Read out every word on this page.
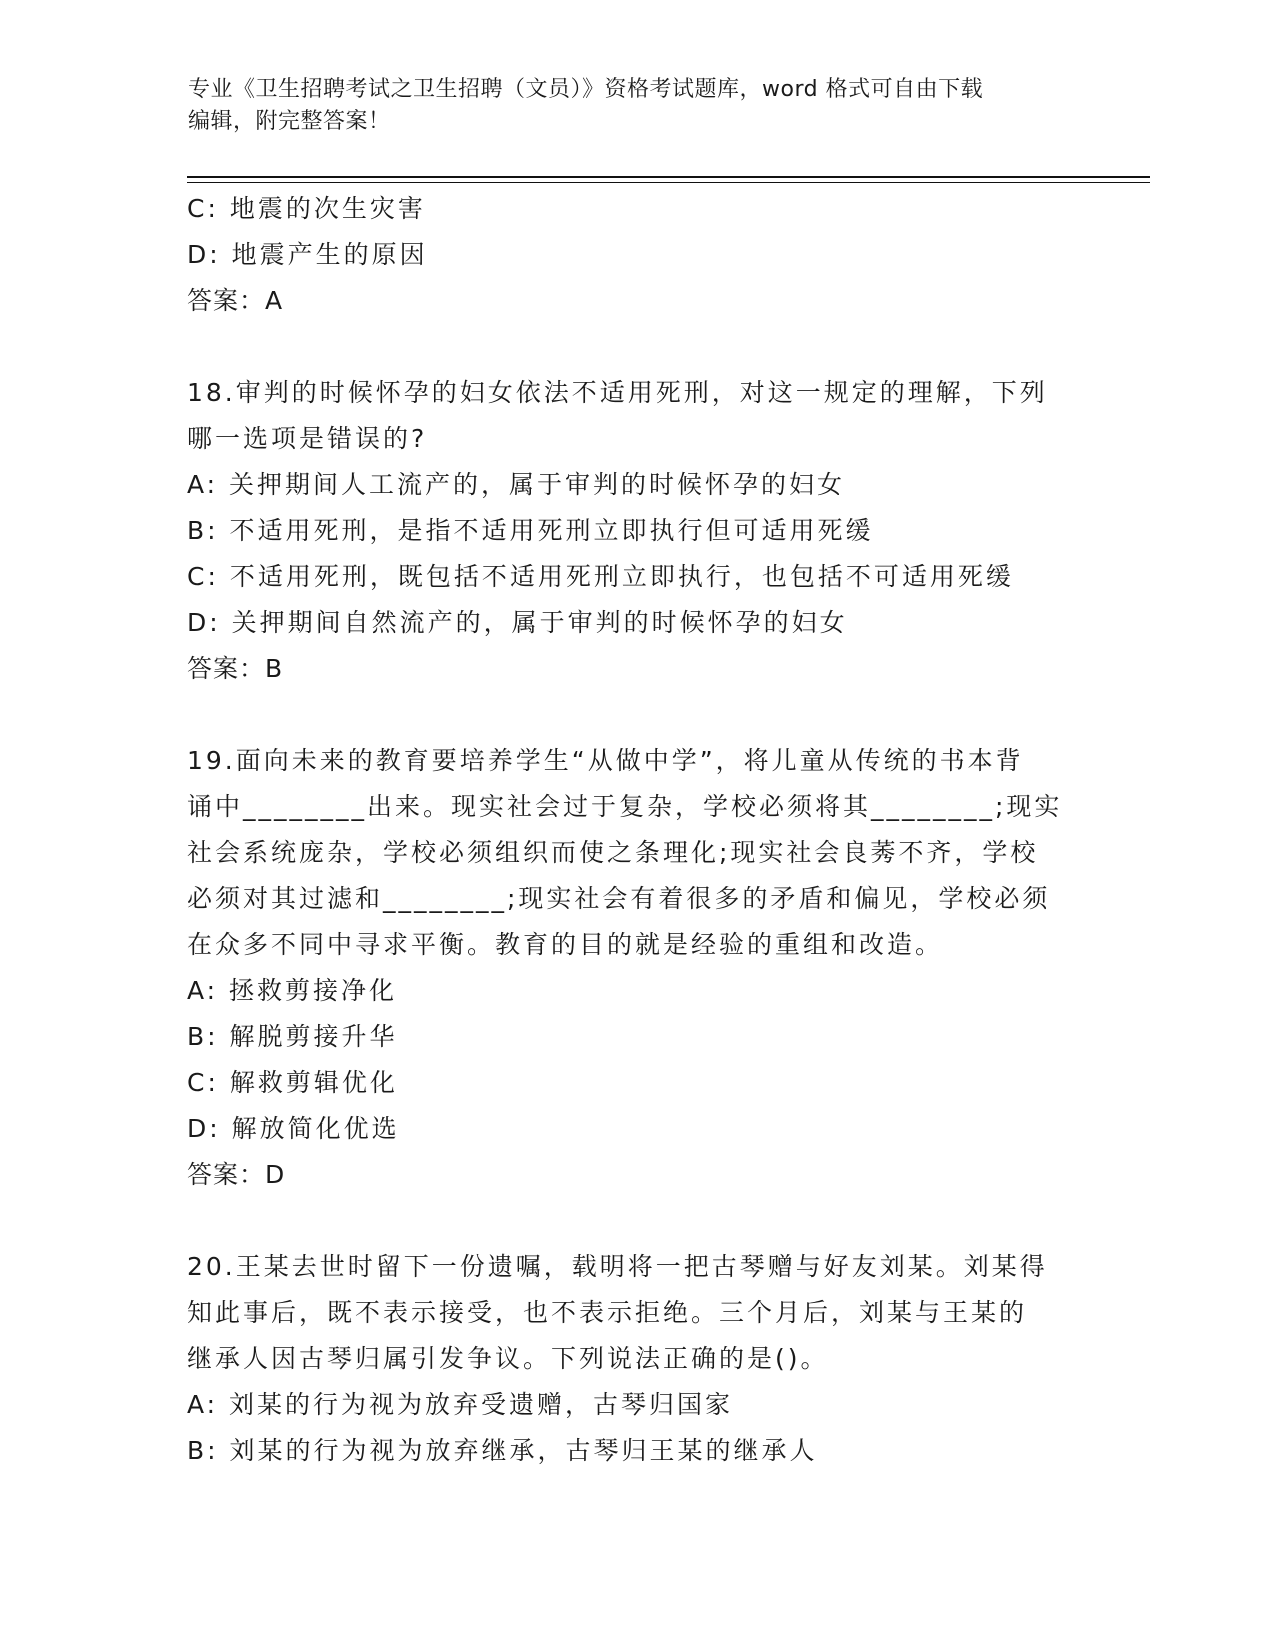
专业《卫生招聘考试之卫生招聘（文员）》资格考试题库，word 格式可自由下载
编辑，附完整答案！
C: 地震的次生灾害
D: 地震产生的原因
答案：A
18.审判的时候怀孕的妇女依法不适用死刑，对这一规定的理解，下列
哪一选项是错误的?
A: 关押期间人工流产的，属于审判的时候怀孕的妇女
B: 不适用死刑，是指不适用死刑立即执行但可适用死缓
C: 不适用死刑，既包括不适用死刑立即执行，也包括不可适用死缓
D: 关押期间自然流产的，属于审判的时候怀孕的妇女
答案：B
19.面向未来的教育要培养学生“从做中学”，将儿童从传统的书本背
诵中________出来。现实社会过于复杂，学校必须将其________;现实
社会系统庞杂，学校必须组织而使之条理化;现实社会良莠不齐，学校
必须对其过滤和________;现实社会有着很多的矛盾和偏见，学校必须
在众多不同中寻求平衡。教育的目的就是经验的重组和改造。
A: 拯救剪接净化
B: 解脱剪接升华
C: 解救剪辑优化
D: 解放简化优选
答案：D
20.王某去世时留下一份遗嘱，载明将一把古琴赠与好友刘某。刘某得
知此事后，既不表示接受，也不表示拒绝。三个月后，刘某与王某的
继承人因古琴归属引发争议。下列说法正确的是()。
A: 刘某的行为视为放弃受遗赠，古琴归国家
B: 刘某的行为视为放弃继承，古琴归王某的继承人
